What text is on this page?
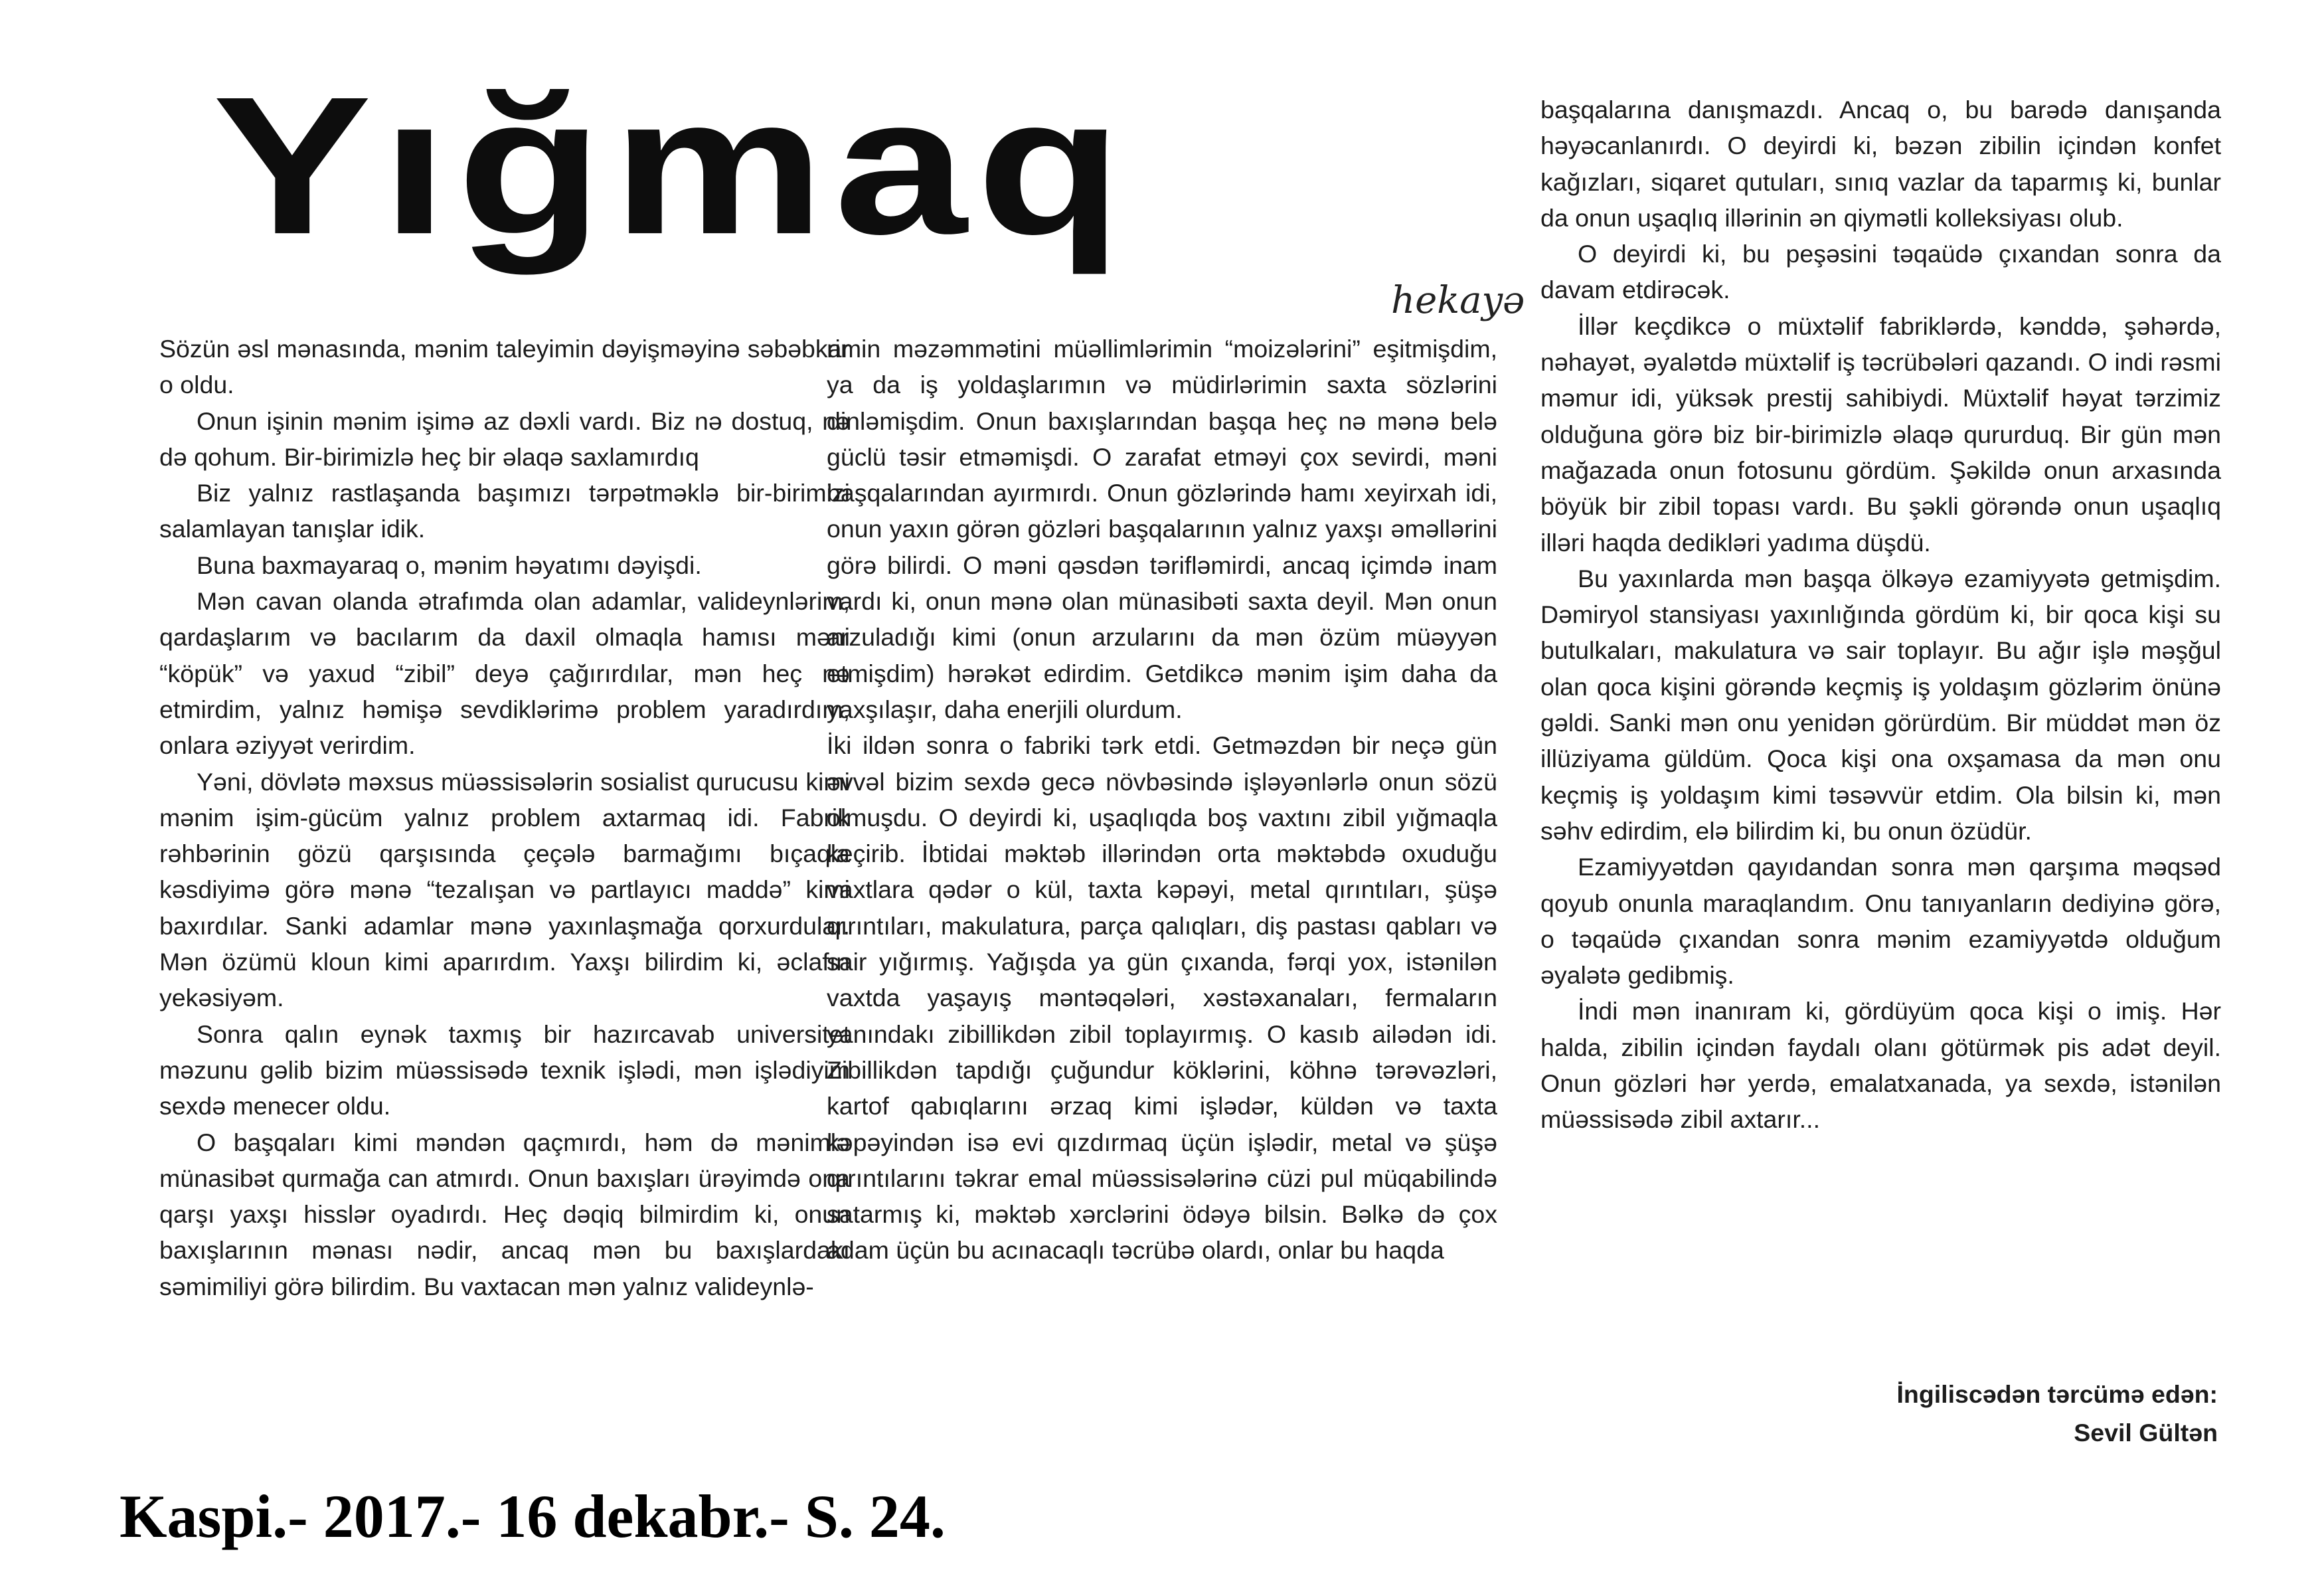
Yığmaq
hekayə

Sözün əsl mənasında, mənim taleyimin dəyişməyinə səbəbkar o oldu.

Onun işinin mənim işimə az dəxli vardı. Biz nə dostuq, nə də qohum. Bir-birimizlə heç bir əlaqə saxlamırdıq

Biz yalnız rastlaşanda başımızı tərpətməklə bir-birimizi salamlayan tanışlar idik.

Buna baxmayaraq o, mənim həyatımı dəyişdi.

Mən cavan olanda ətrafımda olan adamlar, valideynlərim, qardaşlarım və bacılarım da daxil olmaqla hamısı məni “köpük” və yaxud “zibil” deyə çağırırdılar, mən heç nə etmirdim, yalnız həmişə sevdiklərimə problem yaradırdım, onlara əziyyət verirdim.

Yəni, dövlətə məxsus müəssisələrin sosialist qurucusu kimi mənim işim-gücüm yalnız problem axtarmaq idi. Fabrik rəhbərinin gözü qarşısında çeçələ barmağımı bıçaqla kəsdiyimə görə mənə “tezalışan və partlayıcı maddə” kimi baxırdılar. Sanki adamlar mənə yaxınlaşmağa qorxurdular. Mən özümü kloun kimi aparırdım. Yaxşı bilirdim ki, əclafın yekəsiyəm.

Sonra qalın eynək taxmış bir hazırcavab universitet məzunu gəlib bizim müəssisədə texnik işlədi, mən işlədiyim sexdə menecer oldu.

O başqaları kimi məndən qaçmırdı, həm də mənimlə münasibət qurmağa can atmırdı. Onun baxışları ürəyimdə ona qarşı yaxşı hisslər oyadırdı. Heç dəqiq bilmirdim ki, onun baxışlarının mənası nədir, ancaq mən bu baxışlardakı səmimiliyi görə bilirdim. Bu vaxtacan mən yalnız valideynlə-

rimin məzəmmətini müəllimlərimin “moizələrini” eşitmişdim, ya da iş yoldaşlarımın və müdirlərimin saxta sözlərini dinləmişdim. Onun baxışlarından başqa heç nə mənə belə güclü təsir etməmişdi. O zarafat etməyi çox sevirdi, məni başqalarından ayırmırdı. Onun gözlərində hamı xeyirxah idi, onun yaxın görən gözləri başqalarının yalnız yaxşı əməllərini görə bilirdi. O məni qəsdən tərifləmirdi, ancaq içimdə inam vardı ki, onun mənə olan münasibəti saxta deyil. Mən onun arzuladığı kimi (onun arzularını da mən özüm müəyyən etmişdim) hərəkət edirdim. Getdikcə mənim işim daha da yaxşılaşır, daha enerjili olurdum.

İki ildən sonra o fabriki tərk etdi. Getməzdən bir neçə gün əvvəl bizim sexdə gecə növbəsində işləyənlərlə onun sözü olmuşdu. O deyirdi ki, uşaqlıqda boş vaxtını zibil yığmaqla keçirib. İbtidai məktəb illərindən orta məktəbdə oxuduğu vaxtlara qədər o kül, taxta kəpəyi, metal qırıntıları, şüşə qırıntıları, makulatura, parça qalıqları, diş pastası qabları və sair yığırmış. Yağışda ya gün çıxanda, fərqi yox, istənilən vaxtda yaşayış məntəqələri, xəstəxanaları, fermaların yanındakı zibillikdən zibil toplayırmış. O kasıb ailədən idi. Zibillikdən tapdığı çuğundur köklərini, köhnə tərəvəzləri, kartof qabıqlarını ərzaq kimi işlədər, küldən və taxta kəpəyindən isə evi qızdırmaq üçün işlədir, metal və şüşə qırıntılarını təkrar emal müəssisələrinə cüzi pul müqabilində satarmış ki, məktəb xərclərini ödəyə bilsin. Bəlkə də çox adam üçün bu acınacaqlı təcrübə olardı, onlar bu haqda

başqalarına danışmazdı. Ancaq o, bu barədə danışanda həyəcanlanırdı. O deyirdi ki, bəzən zibilin içindən konfet kağızları, siqaret qutuları, sınıq vazlar da taparmış ki, bunlar da onun uşaqlıq illərinin ən qiymətli kolleksiyası olub.

O deyirdi ki, bu peşəsini təqaüdə çıxandan sonra da davam etdirəcək.

İllər keçdikcə o müxtəlif fabriklərdə, kənddə, şəhərdə, nəhayət, əyalətdə müxtəlif iş təcrübələri qazandı. O indi rəsmi məmur idi, yüksək prestij sahibiydi. Müxtəlif həyat tərzimiz olduğuna görə biz bir-birimizlə əlaqə qururduq. Bir gün mən mağazada onun fotosunu gördüm. Şəkildə onun arxasında böyük bir zibil topası vardı. Bu şəkli görəndə onun uşaqlıq illəri haqda dedikləri yadıma düşdü.

Bu yaxınlarda mən başqa ölkəyə ezamiyyətə getmişdim. Dəmiryol stansiyası yaxınlığında gördüm ki, bir qoca kişi su butulkaları, makulatura və sair toplayır. Bu ağır işlə məşğul olan qoca kişini görəndə keçmiş iş yoldaşım gözlərim önünə gəldi. Sanki mən onu yenidən görürdüm. Bir müddət mən öz illüziyama güldüm. Qoca kişi ona oxşamasa da mən onu keçmiş iş yoldaşım kimi təsəvvür etdim. Ola bilsin ki, mən səhv edirdim, elə bilirdim ki, bu onun özüdür.

Ezamiyyətdən qayıdandan sonra mən qarşıma məqsəd qoyub onunla maraqlandım. Onu tanıyanların dediyinə görə, o təqaüdə çıxandan sonra mənim ezamiyyətdə olduğum əyalətə gedibmiş.

İndi mən inanıram ki, gördüyüm qoca kişi o imiş. Hər halda, zibilin içindən faydalı olanı götürmək pis adət deyil. Onun gözləri hər yerdə, emalatxanada, ya sexdə, istənilən müəssisədə zibil axtarır...

İngiliscədən tərcümə edən:
Sevil Gültən

Kaspi.- 2017.- 16 dekabr.- S. 24.
